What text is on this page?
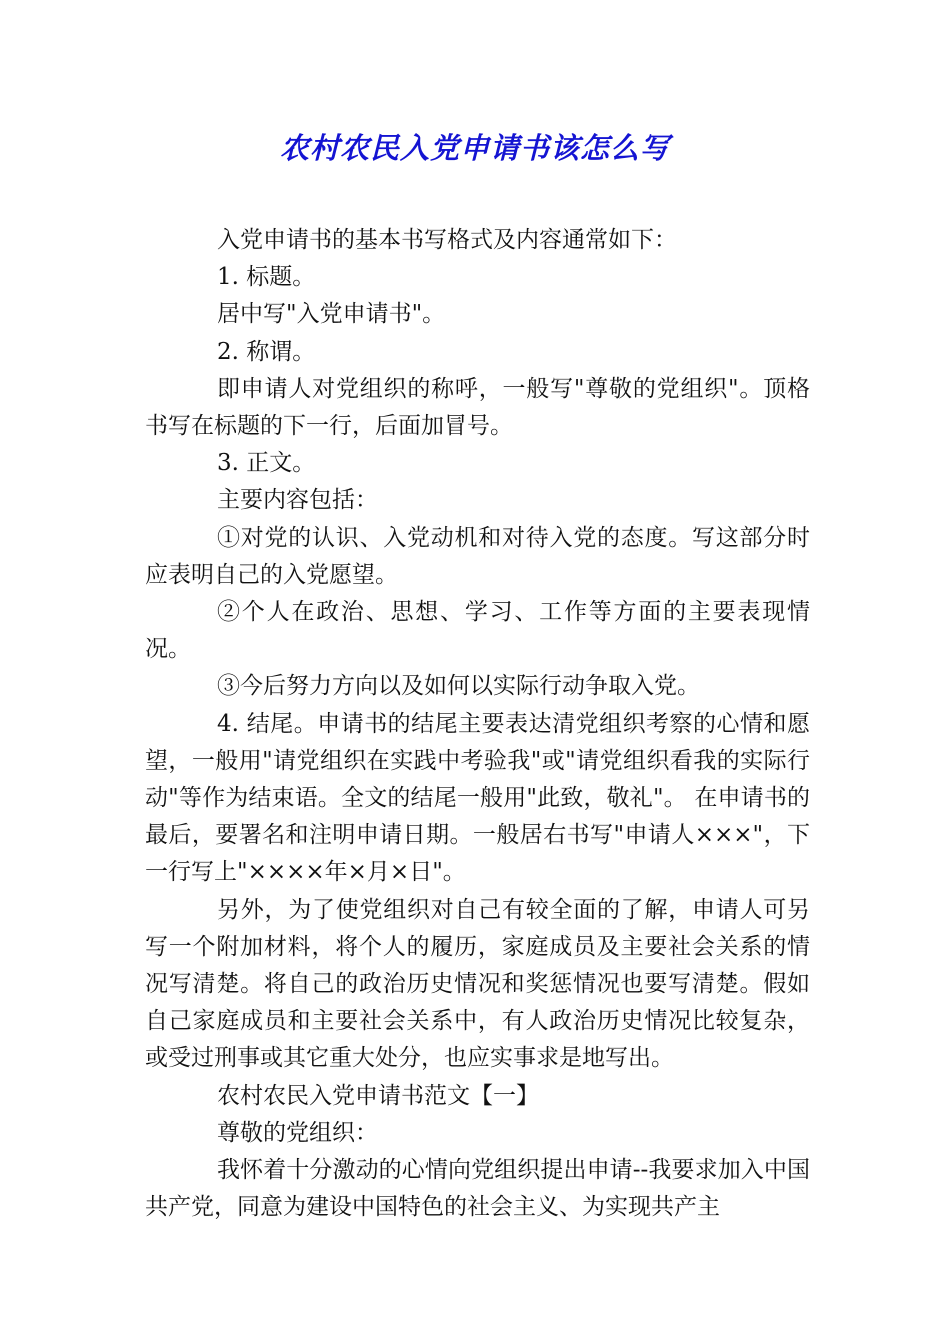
农村农民入党申请书该怎么写

入党申请书的基本书写格式及内容通常如下：

1. 标题。

居中写"入党申请书"。

2. 称谓。

即申请人对党组织的称呼，一般写"尊敬的党组织"。顶格书写在标题的下一行，后面加冒号。

3. 正文。

主要内容包括：

①对党的认识、入党动机和对待入党的态度。写这部分时应表明自己的入党愿望。

②个人在政治、思想、学习、工作等方面的主要表现情况。

③今后努力方向以及如何以实际行动争取入党。

4. 结尾。申请书的结尾主要表达清党组织考察的心情和愿望，一般用"请党组织在实践中考验我"或"请党组织看我的实际行动"等作为结束语。全文的结尾一般用"此致，敬礼"。 在申请书的最后，要署名和注明申请日期。一般居右书写"申请人×××"，下一行写上"××××年×月×日"。

另外，为了使党组织对自己有较全面的了解，申请人可另写一个附加材料，将个人的履历，家庭成员及主要社会关系的情况写清楚。将自己的政治历史情况和奖惩情况也要写清楚。假如自己家庭成员和主要社会关系中，有人政治历史情况比较复杂，或受过刑事或其它重大处分，也应实事求是地写出。

农村农民入党申请书范文【一】

尊敬的党组织：

我怀着十分激动的心情向党组织提出申请--我要求加入中国共产党，同意为建设中国特色的社会主义、为实现共产主
